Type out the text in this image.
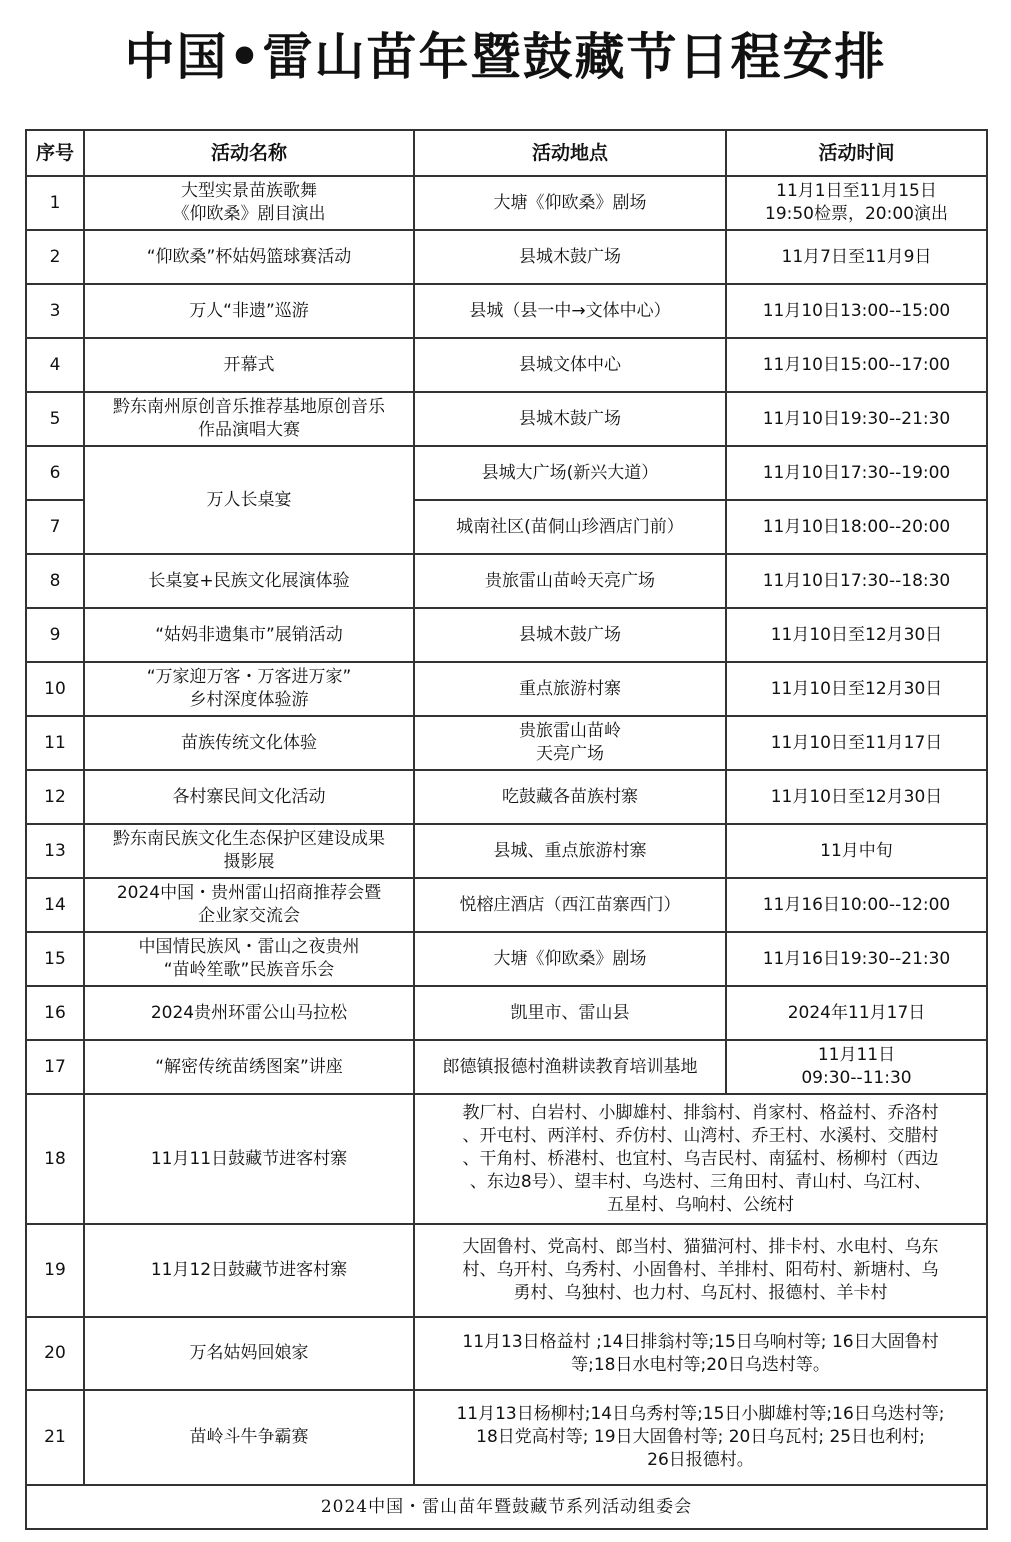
中国•雷山苗年暨鼓藏节日程安排
序号	活动名称	活动地点	活动时间
1	大型实景苗族歌舞
《仰欧桑》剧目演出	大塘《仰欧桑》剧场	11月1日至11月15日
19:50检票，20:00演出

2	“仰欧桑”杯姑妈篮球赛活动	县城木鼓广场	11月7日至11月9日

3	万人“非遗”巡游	县城（县一中→文体中心）	11月10日13:00--15:00

4	开幕式	县城文体中心	11月10日15:00--17:00

5	黔东南州原创音乐推荐基地原创音乐
作品演唱大赛	县城木鼓广场	11月10日19:30--21:30

6	万人长桌宴	县城大广场(新兴大道）	11月10日17:30--19:00

7		城南社区(苗侗山珍酒店门前）	11月10日18:00--20:00

8	长桌宴+民族文化展演体验	贵旅雷山苗岭天亮广场	11月10日17:30--18:30

9	“姑妈非遗集市”展销活动	县城木鼓广场	11月10日至12月30日

10	“万家迎万客・万客进万家”
乡村深度体验游	重点旅游村寨	11月10日至12月30日

11	苗族传统文化体验	贵旅雷山苗岭
天亮广场	11月10日至11月17日

12	各村寨民间文化活动	吃鼓藏各苗族村寨	11月10日至12月30日

13	黔东南民族文化生态保护区建设成果
摄影展	县城、重点旅游村寨	11月中旬

14	2024中国・贵州雷山招商推荐会暨
企业家交流会	悦榕庄酒店（西江苗寨西门）	11月16日10:00--12:00

15	中国情民族风・雷山之夜贵州
“苗岭笙歌”民族音乐会	大塘《仰欧桑》剧场	11月16日19:30--21:30

16	2024贵州环雷公山马拉松	凯里市、雷山县	2024年11月17日

17	“解密传统苗绣图案”讲座	郎德镇报德村渔耕读教育培训基地	11月11日
09:30--11:30

18	11月11日鼓藏节进客村寨	教厂村、白岩村、小脚雄村、排翁村、肖家村、格益村、乔洛村
、开屯村、两洋村、乔仿村、山湾村、乔王村、水溪村、交腊村
、干角村、桥港村、也宜村、乌吉民村、南猛村、杨柳村（西边
、东边8号）、望丰村、乌迭村、三角田村、青山村、乌江村、
五星村、乌响村、公统村	

19	11月12日鼓藏节进客村寨	大固鲁村、党高村、郎当村、猫猫河村、排卡村、水电村、乌东
村、乌开村、乌秀村、小固鲁村、羊排村、阳苟村、新塘村、乌
勇村、乌独村、也力村、乌瓦村、报德村、羊卡村	

20	万名姑妈回娘家	11月13日格益村 ;14日排翁村等;15日乌响村等; 16日大固鲁村
等;18日水电村等;20日乌迭村等。	

21	苗岭斗牛争霸赛	11月13日杨柳村;14日乌秀村等;15日小脚雄村等;16日乌迭村等;
18日党高村等; 19日大固鲁村等; 20日乌瓦村; 25日也利村;
26日报德村。	

2024中国・雷山苗年暨鼓藏节系列活动组委会			
